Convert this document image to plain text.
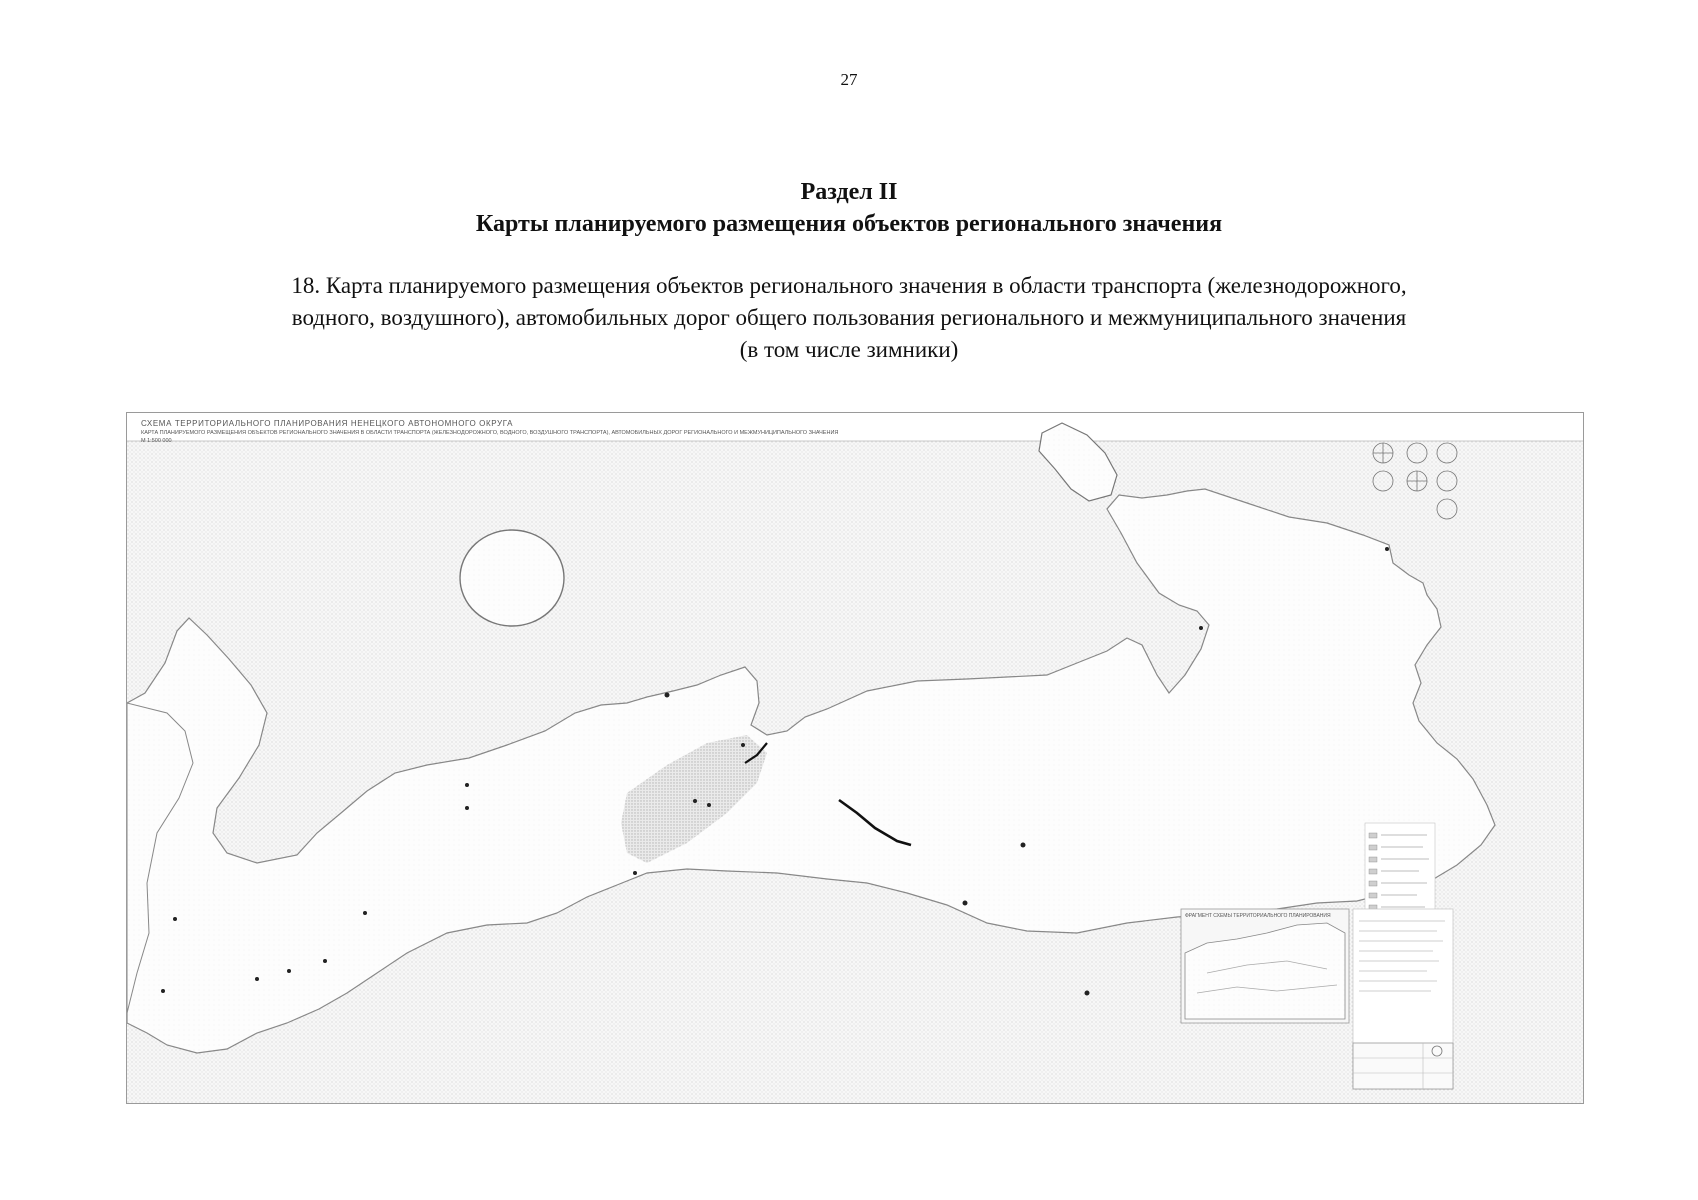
27
Раздел II
Карты планируемого размещения объектов регионального значения
18. Карта планируемого размещения объектов регионального значения в области транспорта (железнодорожного,
водного, воздушного), автомобильных дорог общего пользования регионального и межмуниципального значения
(в том числе зимники)
СХЕМА ТЕРРИТОРИАЛЬНОГО ПЛАНИРОВАНИЯ НЕНЕЦКОГО АВТОНОМНОГО ОКРУГА
КАРТА ПЛАНИРУЕМОГО РАЗМЕЩЕНИЯ ОБЪЕКТОВ РЕГИОНАЛЬНОГО ЗНАЧЕНИЯ В ОБЛАСТИ ТРАНСПОРТА (ЖЕЛЕЗНОДОРОЖНОГО, ВОДНОГО, ВОЗДУШНОГО ТРАНСПОРТА), АВТОМОБИЛЬНЫХ ДОРОГ РЕГИОНАЛЬНОГО И МЕЖМУНИЦИПАЛЬНОГО ЗНАЧЕНИЯ
М 1:500 000
ФРАГМЕНТ СХЕМЫ ТЕРРИТОРИАЛЬНОГО ПЛАНИРОВАНИЯ
